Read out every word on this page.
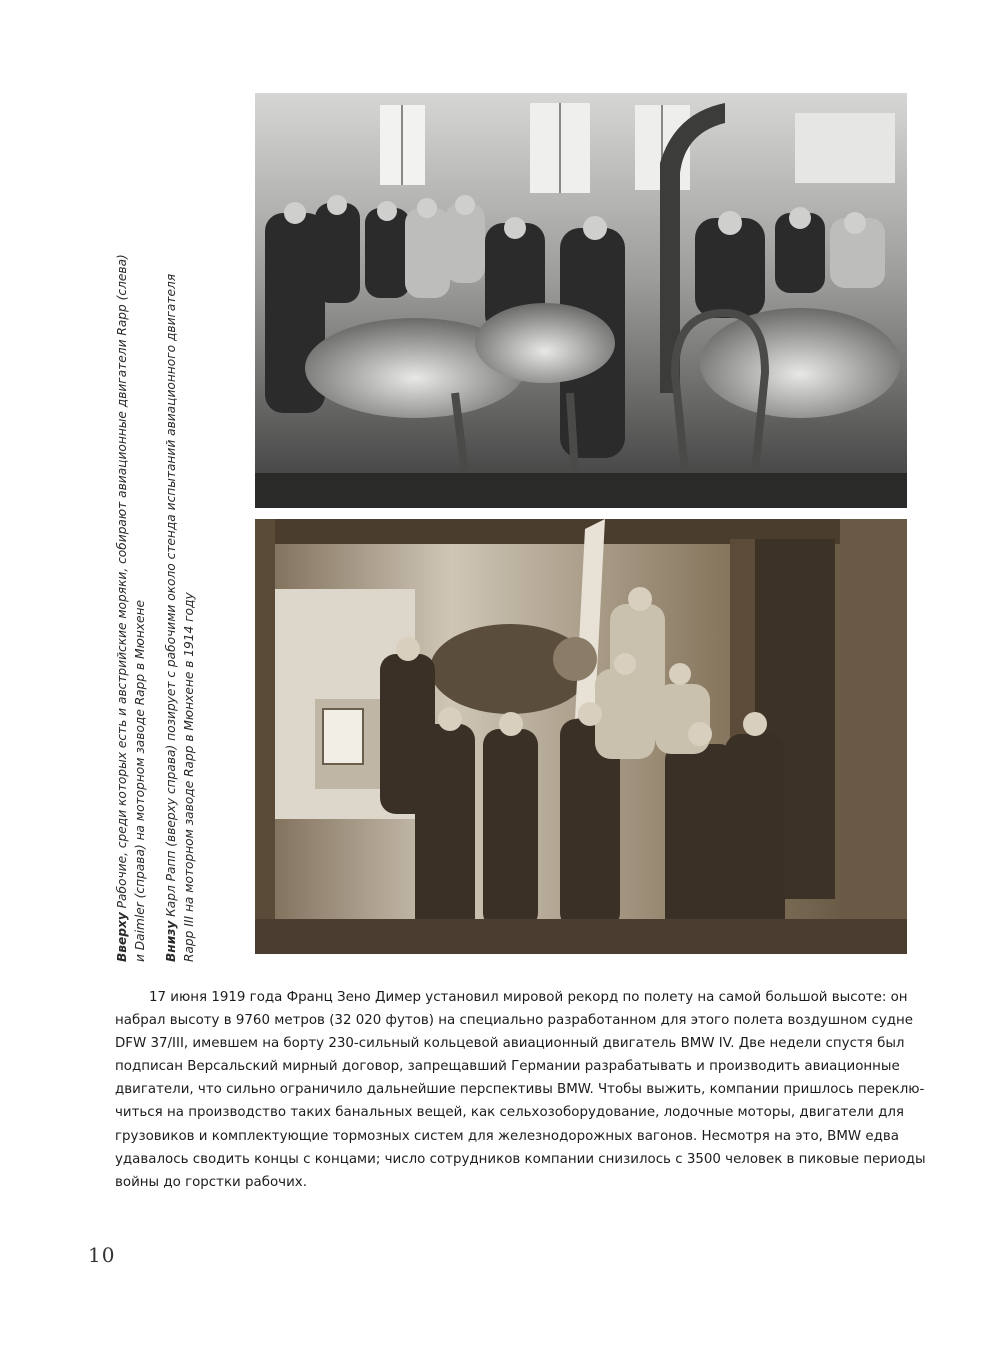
Вверху Рабочие, среди которых есть и австрийские моряки, собирают авиационные двигатели Rapp (слева) и Daimler (справа) на моторном заводе Rapp в Мюнхене Внизу Карл Рапп (вверху справа) позирует с рабочими около стенда испытаний авиационного двигателя Rapp III на моторном заводе Rapp в Мюнхене в 1914 году
17 июня 1919 года Франц Зено Димер установил мировой рекорд по полету на самой большой высоте: он
набрал высоту в 9760 метров (32 020 футов) на специально разработанном для этого полета воздушном судне
DFW 37/III, имевшем на борту 230-сильный кольцевой авиационный двигатель BMW IV. Две недели спустя был
подписан Версальский мирный договор, запрещавший Германии разрабатывать и производить авиационные
двигатели, что сильно ограничило дальнейшие перспективы BMW. Чтобы выжить, компании пришлось переклю-
читься на производство таких банальных вещей, как сельхозоборудование, лодочные моторы, двигатели для
грузовиков и комплектующие тормозных систем для железнодорожных вагонов. Несмотря на это, BMW едва
удавалось сводить концы с концами; число сотрудников компании снизилось с 3500 человек в пиковые периоды
войны до горстки рабочих.
10
